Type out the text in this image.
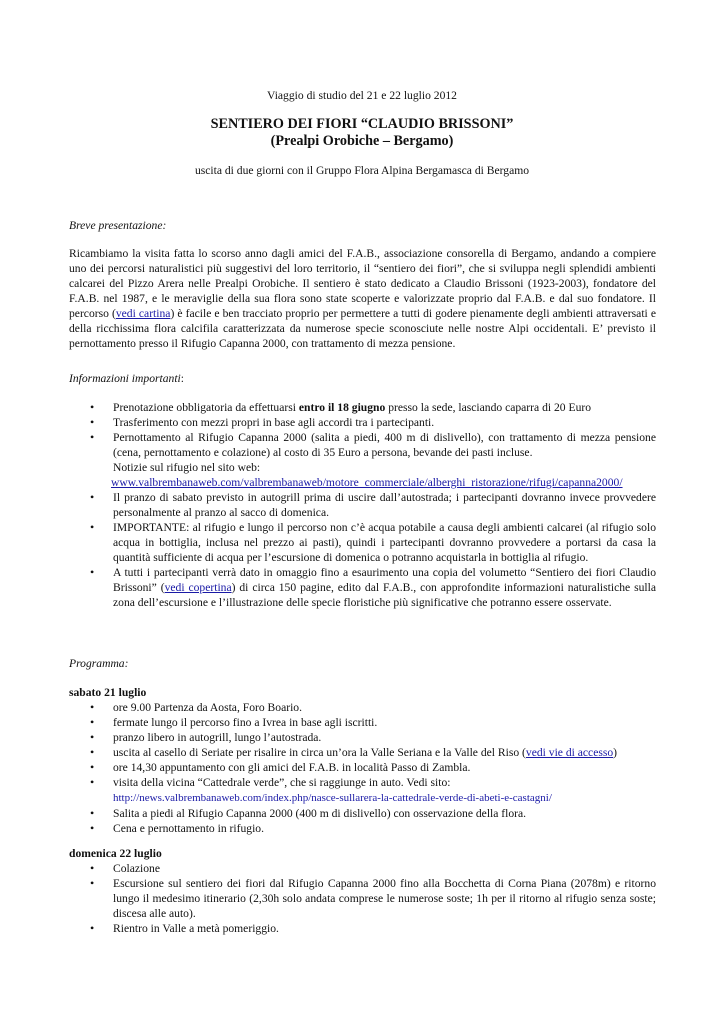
Viaggio di studio del 21 e 22 luglio 2012
SENTIERO DEI FIORI “CLAUDIO BRISSONI”
(Prealpi Orobiche – Bergamo)
uscita di due giorni con il Gruppo Flora Alpina Bergamasca di Bergamo
Breve presentazione:
Ricambiamo la visita fatta lo scorso anno dagli amici del F.A.B., associazione consorella di Bergamo, andando a compiere uno dei percorsi naturalistici più suggestivi del loro territorio, il “sentiero dei fiori”, che si sviluppa negli splendidi ambienti calcarei del Pizzo Arera nelle Prealpi Orobiche. Il sentiero è stato dedicato a Claudio Brissoni (1923-2003), fondatore del F.A.B. nel 1987, e le meraviglie della sua flora sono state scoperte e valorizzate proprio dal F.A.B. e dal suo fondatore. Il percorso (vedi cartina) è facile e ben tracciato proprio per permettere a tutti di godere pienamente degli ambienti attraversati e della ricchissima flora calcifila caratterizzata da numerose specie sconosciute nelle nostre Alpi occidentali. E’ previsto il pernottamento presso il Rifugio Capanna 2000, con trattamento di mezza pensione.
Informazioni importanti:
• Prenotazione obbligatoria da effettuarsi entro il 18 giugno presso la sede, lasciando caparra di 20 Euro
• Trasferimento con mezzi propri in base agli accordi tra i partecipanti.
• Pernottamento al Rifugio Capanna 2000 (salita a piedi, 400 m di dislivello), con trattamento di mezza pensione (cena, pernottamento e colazione) al costo di 35 Euro a persona, bevande dei pasti incluse.
Notizie sul rifugio nel sito web:
www.valbrembanaweb.com/valbrembanaweb/motore_commerciale/alberghi_ristorazione/rifugi/capanna2000/
• Il pranzo di sabato previsto in autogrill prima di uscire dall’autostrada; i partecipanti dovranno invece provvedere personalmente al pranzo al sacco di domenica.
• IMPORTANTE: al rifugio e lungo il percorso non c’è acqua potabile a causa degli ambienti calcarei (al rifugio solo acqua in bottiglia, inclusa nel prezzo ai pasti), quindi i partecipanti dovranno provvedere a portarsi da casa la quantità sufficiente di acqua per l’escursione di domenica o potranno acquistarla in bottiglia al rifugio.
• A tutti i partecipanti verrà dato in omaggio fino a esaurimento una copia del volumetto “Sentiero dei fiori Claudio Brissoni” (vedi copertina) di circa 150 pagine, edito dal F.A.B., con approfondite informazioni naturalistiche sulla zona dell’escursione e l’illustrazione delle specie floristiche più significative che potranno essere osservate.
Programma:
sabato 21 luglio
• ore 9.00 Partenza da Aosta, Foro Boario.
• fermate lungo il percorso fino a Ivrea in base agli iscritti.
• pranzo libero in autogrill, lungo l’autostrada.
• uscita al casello di Seriate per risalire in circa un’ora la Valle Seriana e la Valle del Riso (vedi vie di accesso)
• ore 14,30 appuntamento con gli amici del F.A.B. in località Passo di Zambla.
• visita della vicina “Cattedrale verde”, che si raggiunge in auto. Vedi sito:
http://news.valbrembanaweb.com/index.php/nasce-sullarera-la-cattedrale-verde-di-abeti-e-castagni/
• Salita a piedi al Rifugio Capanna 2000 (400 m di dislivello) con osservazione della flora.
• Cena e pernottamento in rifugio.
domenica 22 luglio
• Colazione
• Escursione sul sentiero dei fiori dal Rifugio Capanna 2000 fino alla Bocchetta di Corna Piana (2078m) e ritorno lungo il medesimo itinerario (2,30h solo andata comprese le numerose soste; 1h per il ritorno al rifugio senza soste; discesa alle auto).
• Rientro in Valle a metà pomeriggio.
